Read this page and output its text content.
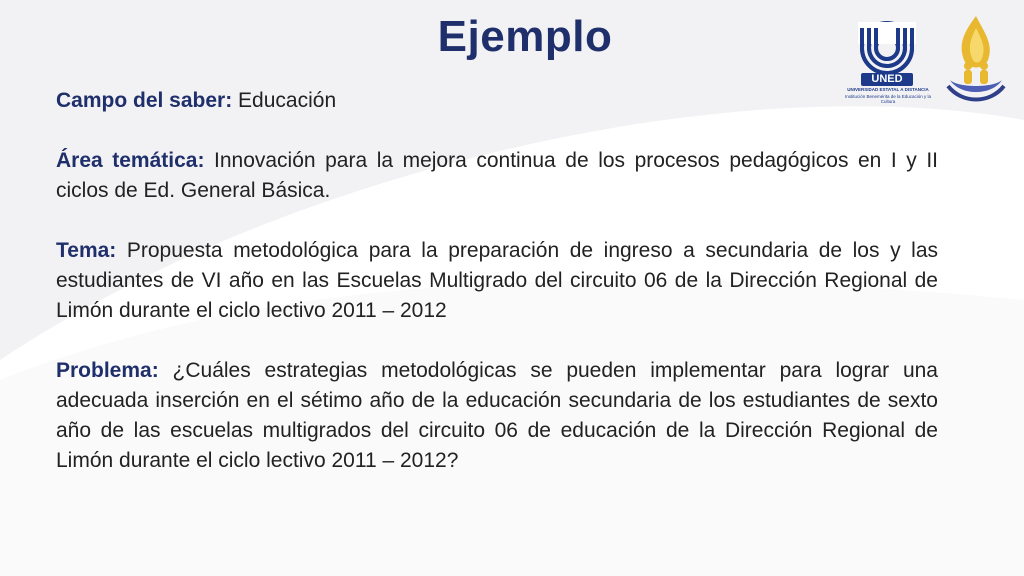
Ejemplo
UNED
UNIVERSIDAD ESTATAL A DISTANCIA
Institución Benemérita de la Educación y la Cultura

Campo del saber: Educación

Área temática: Innovación para la mejora continua de los procesos pedagógicos en I y II ciclos de Ed. General Básica.

Tema: Propuesta metodológica para la preparación de ingreso a secundaria de los y las estudiantes de VI año en las Escuelas Multigrado del circuito 06 de la Dirección Regional de Limón durante el ciclo lectivo 2011 – 2012

Problema: ¿Cuáles estrategias metodológicas se pueden implementar para lograr una adecuada inserción en el sétimo año de la educación secundaria de los estudiantes de sexto año de las escuelas multigrados del circuito 06 de educación de la Dirección Regional de Limón durante el ciclo lectivo 2011 – 2012?
